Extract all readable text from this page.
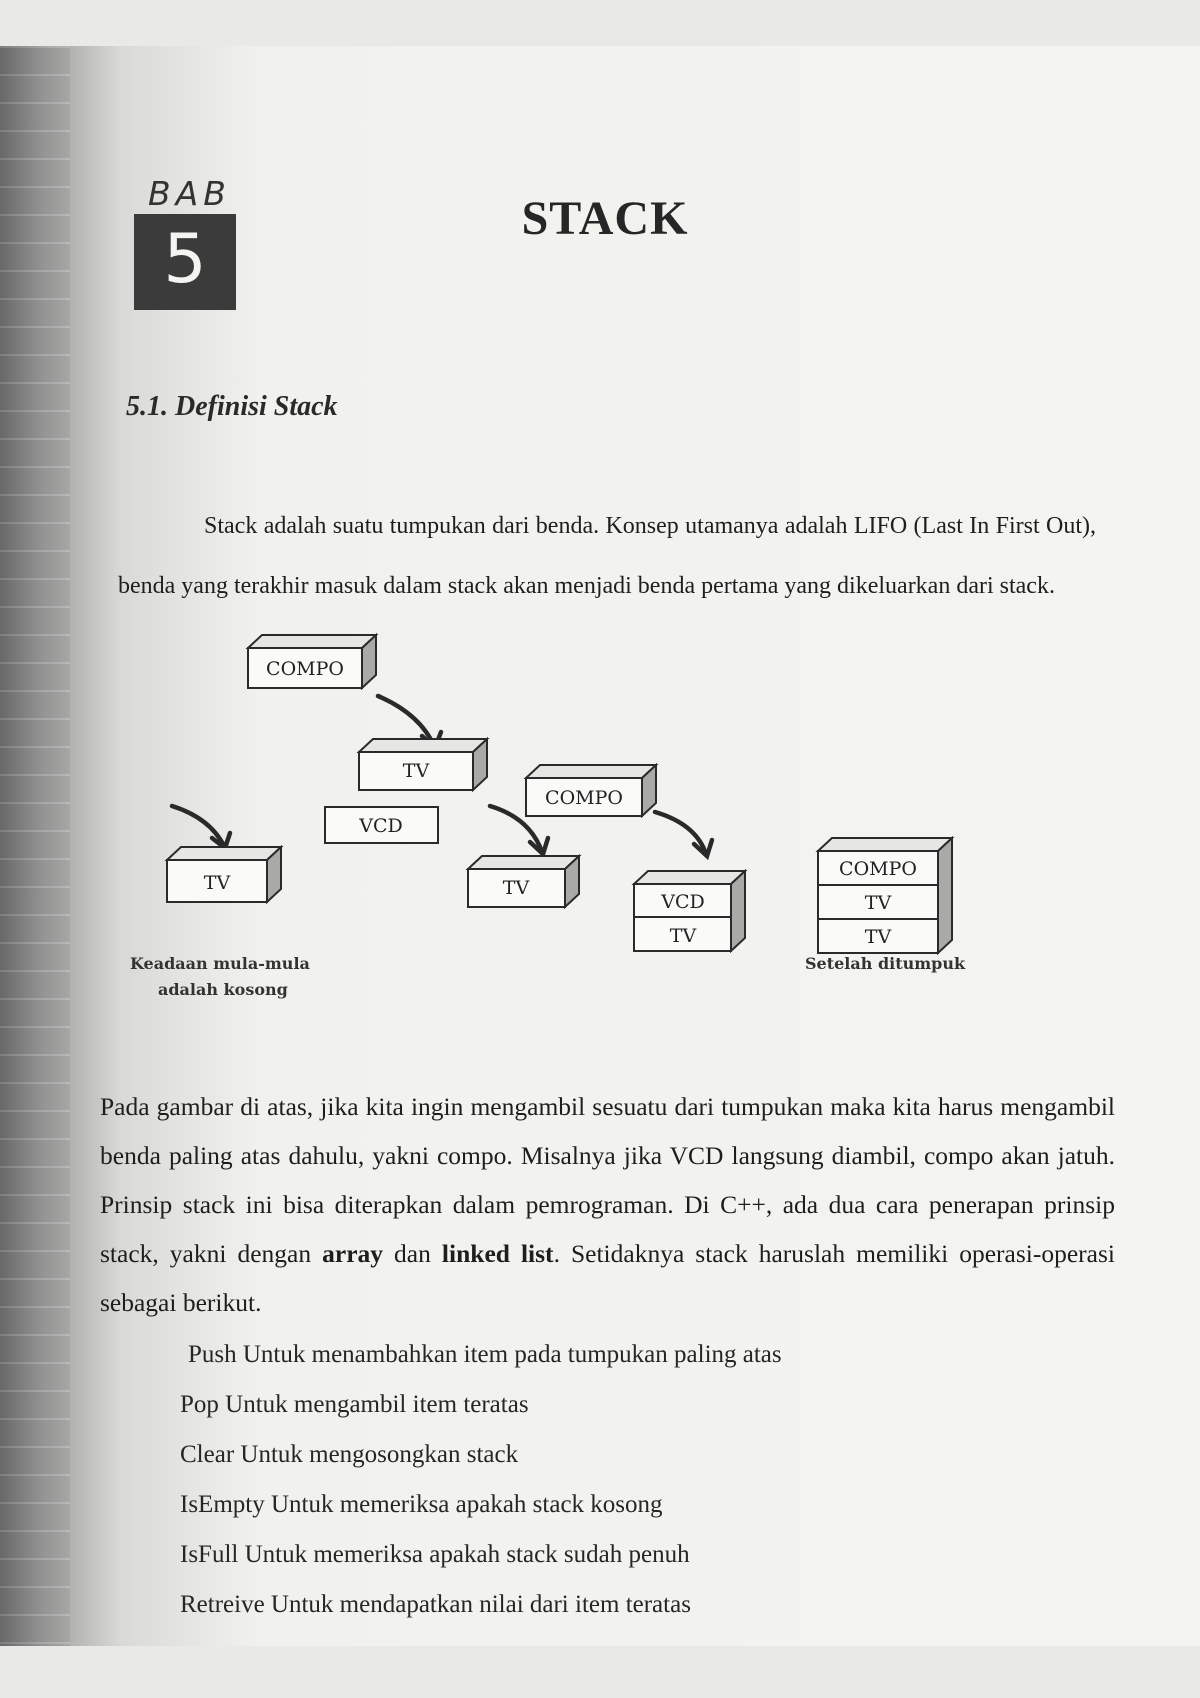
BAB
5
STACK
5.1. Definisi Stack

Stack adalah suatu tumpukan dari benda. Konsep utamanya adalah LIFO (Last In First Out), benda yang terakhir masuk dalam stack akan menjadi benda pertama yang dikeluarkan dari stack.

TV
COMPO
TV
VCD
TV
COMPO
VCD
TV
COMPO
TV
TV
Keadaan mula-mula
adalah kosong
Setelah ditumpuk

Pada gambar di atas, jika kita ingin mengambil sesuatu dari tumpukan maka kita harus mengambil benda paling atas dahulu, yakni compo. Misalnya jika VCD langsung diambil, compo akan jatuh. Prinsip stack ini bisa diterapkan dalam pemrograman. Di C++, ada dua cara penerapan prinsip stack, yakni dengan array dan linked list. Setidaknya stack haruslah memiliki operasi-operasi sebagai berikut.

Push Untuk menambahkan item pada tumpukan paling atas
Pop Untuk mengambil item teratas
Clear Untuk mengosongkan stack
IsEmpty Untuk memeriksa apakah stack kosong
IsFull Untuk memeriksa apakah stack sudah penuh
Retreive Untuk mendapatkan nilai dari item teratas
